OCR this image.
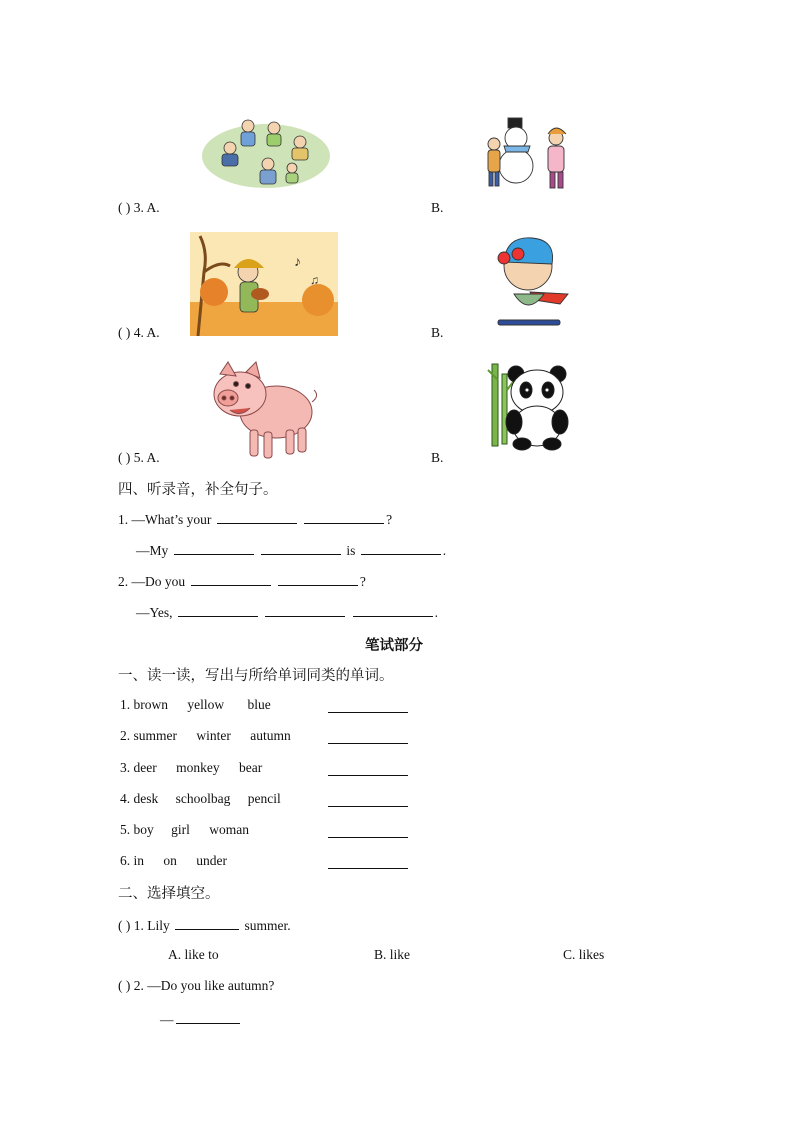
( ) 3. A.	B.
♪
♫
( ) 4. A.	B.
( ) 5. A.	B.
四、听录音，补全句子。
1. —What’s your	?
—My	is	.
2. —Do you	?
—Yes,	.
笔试部分
一、读一读，写出与所给单词同类的单词。
1. brown yellow blue
2. summer winter autumn
3. deer monkey bear
4. desk schoolbag pencil
5. boy girl woman
6. in on under
二、选择填空。
( ) 1. Lily	summer.
A. like to	B. like	C. likes
( ) 2. —Do you like autumn?
—
